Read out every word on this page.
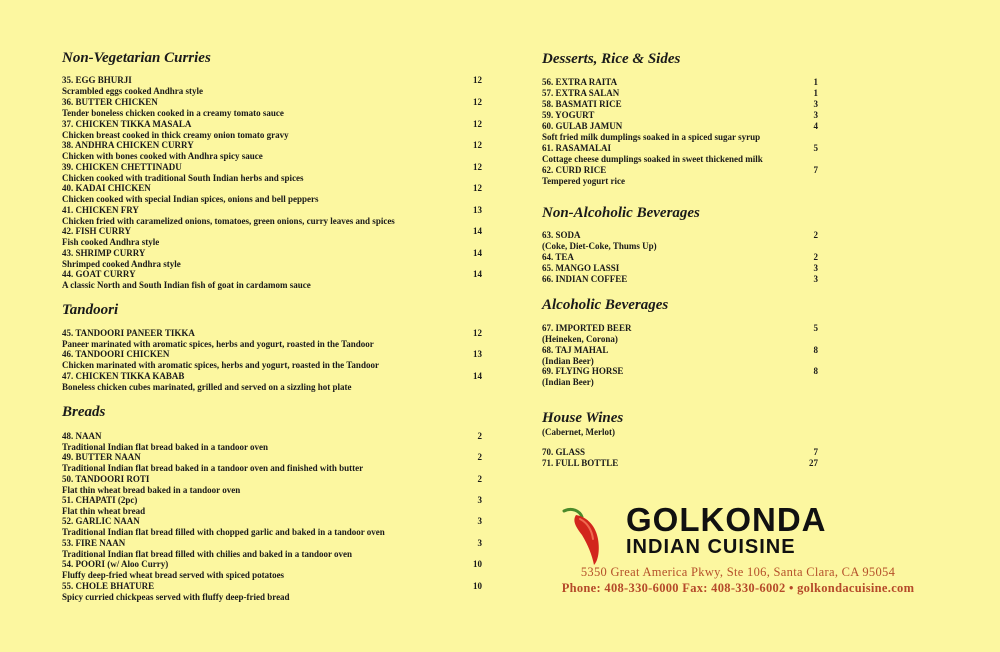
Non-Vegetarian Curries
35. EGG BHURJI	12
Scrambled eggs cooked Andhra style
36. BUTTER CHICKEN	12
Tender boneless chicken cooked in a creamy tomato sauce
37. CHICKEN TIKKA MASALA	12
Chicken breast cooked in thick creamy onion tomato gravy
38. ANDHRA CHICKEN CURRY	12
Chicken with bones cooked with Andhra spicy sauce
39. CHICKEN CHETTINADU	12
Chicken cooked with traditional South Indian herbs and spices
40. KADAI CHICKEN	12
Chicken cooked with special Indian spices, onions and bell peppers
41. CHICKEN FRY	13
Chicken fried with caramelized onions, tomatoes, green onions, curry leaves and spices
42. FISH CURRY	14
Fish cooked Andhra style
43. SHRIMP CURRY	14
Shrimped cooked Andhra style
44. GOAT CURRY	14
A classic North and South Indian fish of goat in cardamom sauce
Tandoori
45. TANDOORI PANEER TIKKA	12
Paneer marinated with aromatic spices, herbs and yogurt, roasted in the Tandoor
46. TANDOORI CHICKEN	13
Chicken marinated with aromatic spices, herbs and yogurt, roasted in the Tandoor
47. CHICKEN TIKKA KABAB	14
Boneless chicken cubes marinated, grilled and served on a sizzling hot plate
Breads
48. NAAN	2
Traditional Indian flat bread baked in a tandoor oven
49. BUTTER NAAN	2
Traditional Indian flat bread baked in a tandoor oven and finished with butter
50. TANDOORI ROTI	2
Flat thin wheat bread baked in a tandoor oven
51. CHAPATI (2pc)	3
Flat thin wheat bread
52. GARLIC NAAN	3
Traditional Indian flat bread filled with chopped garlic and baked in a tandoor oven
53. FIRE NAAN	3
Traditional Indian flat bread filled with chilies and baked in a tandoor oven
54. POORI (w/ Aloo Curry)	10
Fluffy deep-fried wheat bread served with spiced potatoes
55. CHOLE BHATURE	10
Spicy curried chickpeas served with fluffy deep-fried bread
Desserts, Rice & Sides
56. EXTRA RAITA	1
57. EXTRA SALAN	1
58. BASMATI RICE	3
59. YOGURT	3
60. GULAB JAMUN	4
Soft fried milk dumplings soaked in a spiced sugar syrup
61. RASAMALAI	5
Cottage cheese dumplings soaked in sweet thickened milk
62. CURD RICE	7
Tempered yogurt rice
Non-Alcoholic Beverages
63. SODA	2
(Coke, Diet-Coke, Thums Up)
64. TEA	2
65. MANGO LASSI	3
66. INDIAN COFFEE	3
Alcoholic Beverages
67. IMPORTED BEER	5
(Heineken, Corona)
68. TAJ MAHAL	8
(Indian Beer)
69. FLYING HORSE	8
(Indian Beer)
House Wines
(Cabernet, Merlot)
70. GLASS	7
71. FULL BOTTLE	27
GOLKONDA
INDIAN CUISINE
5350 Great America Pkwy, Ste 106, Santa Clara, CA 95054
Phone: 408-330-6000 Fax: 408-330-6002 • golkondacuisine.com
